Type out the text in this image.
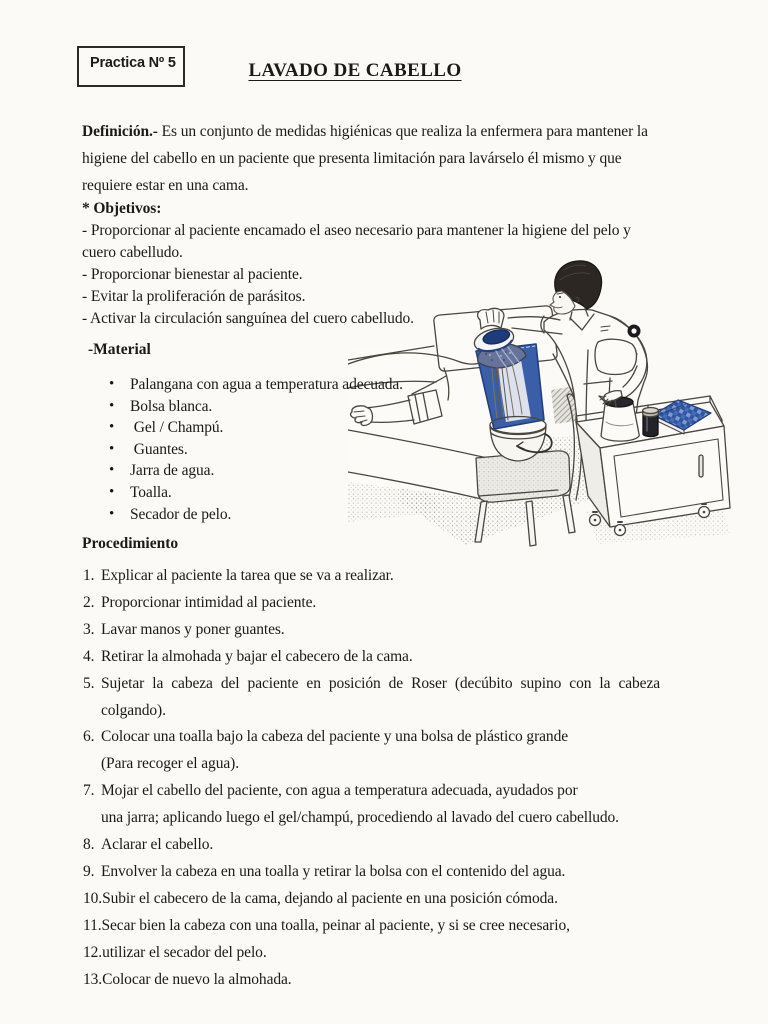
Practica Nº 5	LAVADO DE CABELLO
Definición.- Es un conjunto de medidas higiénicas que realiza la enfermera para mantener la
higiene del cabello en un paciente que presenta limitación para lavárselo él mismo y que
requiere estar en una cama.
* Objetivos:
- Proporcionar al paciente encamado el aseo necesario para mantener la higiene del pelo y
cuero cabelludo.
- Proporcionar bienestar al paciente.
- Evitar la proliferación de parásitos.
- Activar la circulación sanguínea del cuero cabelludo.
-Material
• Palangana con agua a temperatura adecuada.
• Bolsa blanca.
•  Gel / Champú.
•  Guantes.
• Jarra de agua.
• Toalla.
• Secador de pelo.
Procedimiento
1. Explicar al paciente la tarea que se va a realizar.
2. Proporcionar intimidad al paciente.
3. Lavar manos y poner guantes.
4. Retirar la almohada y bajar el cabecero de la cama.
5. Sujetar la cabeza del paciente en posición de Roser (decúbito supino con la cabeza
colgando).
6. Colocar una toalla bajo la cabeza del paciente y una bolsa de plástico grande
(Para recoger el agua).
7. Mojar el cabello del paciente, con agua a temperatura adecuada, ayudados por
una jarra; aplicando luego el gel/champú, procediendo al lavado del cuero cabelludo.
8. Aclarar el cabello.
9. Envolver la cabeza en una toalla y retirar la bolsa con el contenido del agua.
10. Subir el cabecero de la cama, dejando al paciente en una posición cómoda.
11. Secar bien la cabeza con una toalla, peinar al paciente, y si se cree necesario,
12. utilizar el secador del pelo.
13. Colocar de nuevo la almohada.
